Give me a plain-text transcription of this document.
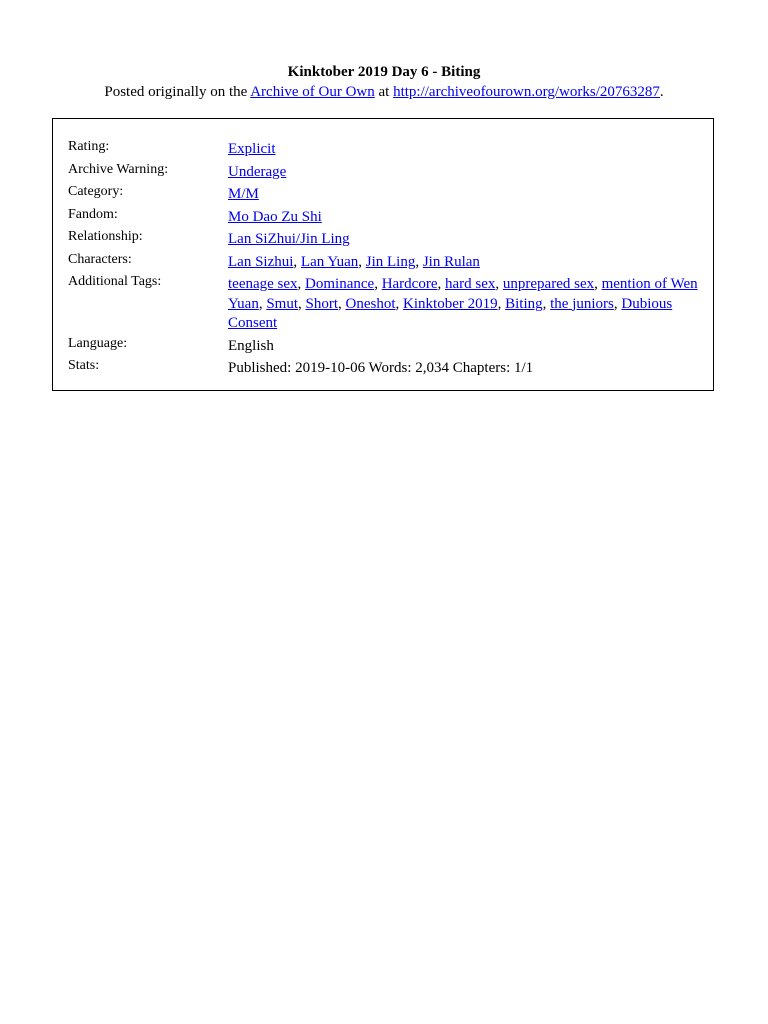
Kinktober 2019 Day 6 - Biting

Posted originally on the Archive of Our Own at http://archiveofourown.org/works/20763287.

Rating:	Explicit
Archive Warning:	Underage
Category:	M/M
Fandom:	Mo Dao Zu Shi
Relationship:	Lan SiZhui/Jin Ling
Characters:	Lan Sizhui, Lan Yuan, Jin Ling, Jin Rulan
Additional Tags:	teenage sex, Dominance, Hardcore, hard sex, unprepared sex, mention of Wen Yuan, Smut, Short, Oneshot, Kinktober 2019, Biting, the juniors, Dubious Consent
Language:	English
Stats:	Published: 2019-10-06 Words: 2,034 Chapters: 1/1
